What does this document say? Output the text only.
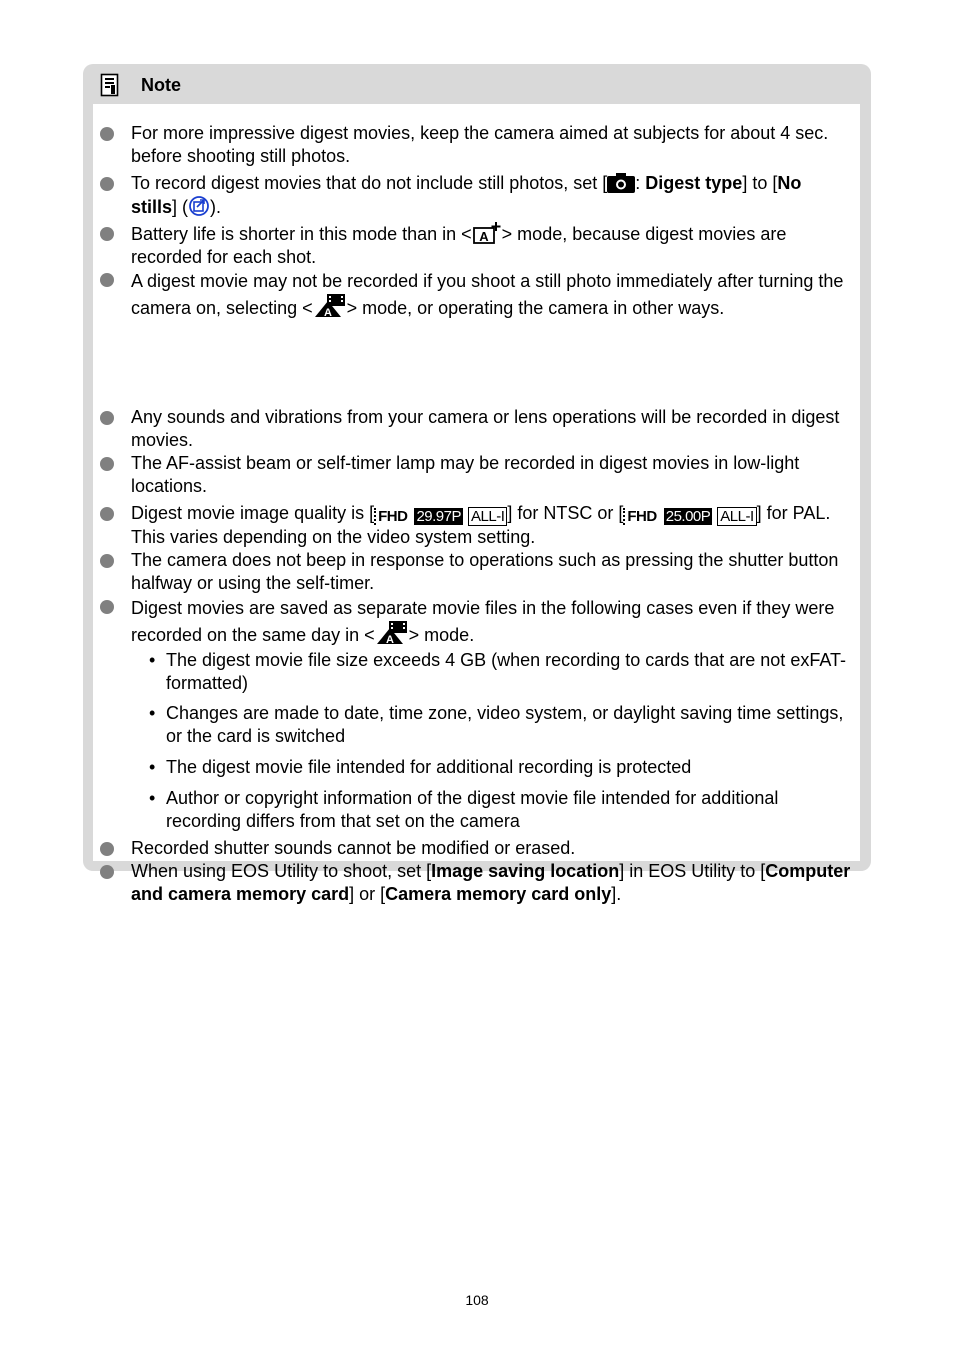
Note
For more impressive digest movies, keep the camera aimed at subjects for about 4 sec. before shooting still photos.
To record digest movies that do not include still photos, set [ : Digest type] to [No stills] ( ).
Battery life is shorter in this mode than in < A > mode, because digest movies are recorded for each shot.
A digest movie may not be recorded if you shoot a still photo immediately after turning the camera on, selecting < A > mode, or operating the camera in other ways.
Any sounds and vibrations from your camera or lens operations will be recorded in digest movies.
The AF-assist beam or self-timer lamp may be recorded in digest movies in low-light locations.
Digest movie image quality is [ FHD 29.97P ALL-I ] for NTSC or [ FHD 25.00P ALL-I ] for PAL. This varies depending on the video system setting.
The camera does not beep in response to operations such as pressing the shutter button halfway or using the self-timer.
Digest movies are saved as separate movie files in the following cases even if they were recorded on the same day in < A > mode.
• The digest movie file size exceeds 4 GB (when recording to cards that are not exFAT-formatted)
• Changes are made to date, time zone, video system, or daylight saving time settings, or the card is switched
• The digest movie file intended for additional recording is protected
• Author or copyright information of the digest movie file intended for additional recording differs from that set on the camera
Recorded shutter sounds cannot be modified or erased.
When using EOS Utility to shoot, set [Image saving location] in EOS Utility to [Computer and camera memory card] or [Camera memory card only].
108
